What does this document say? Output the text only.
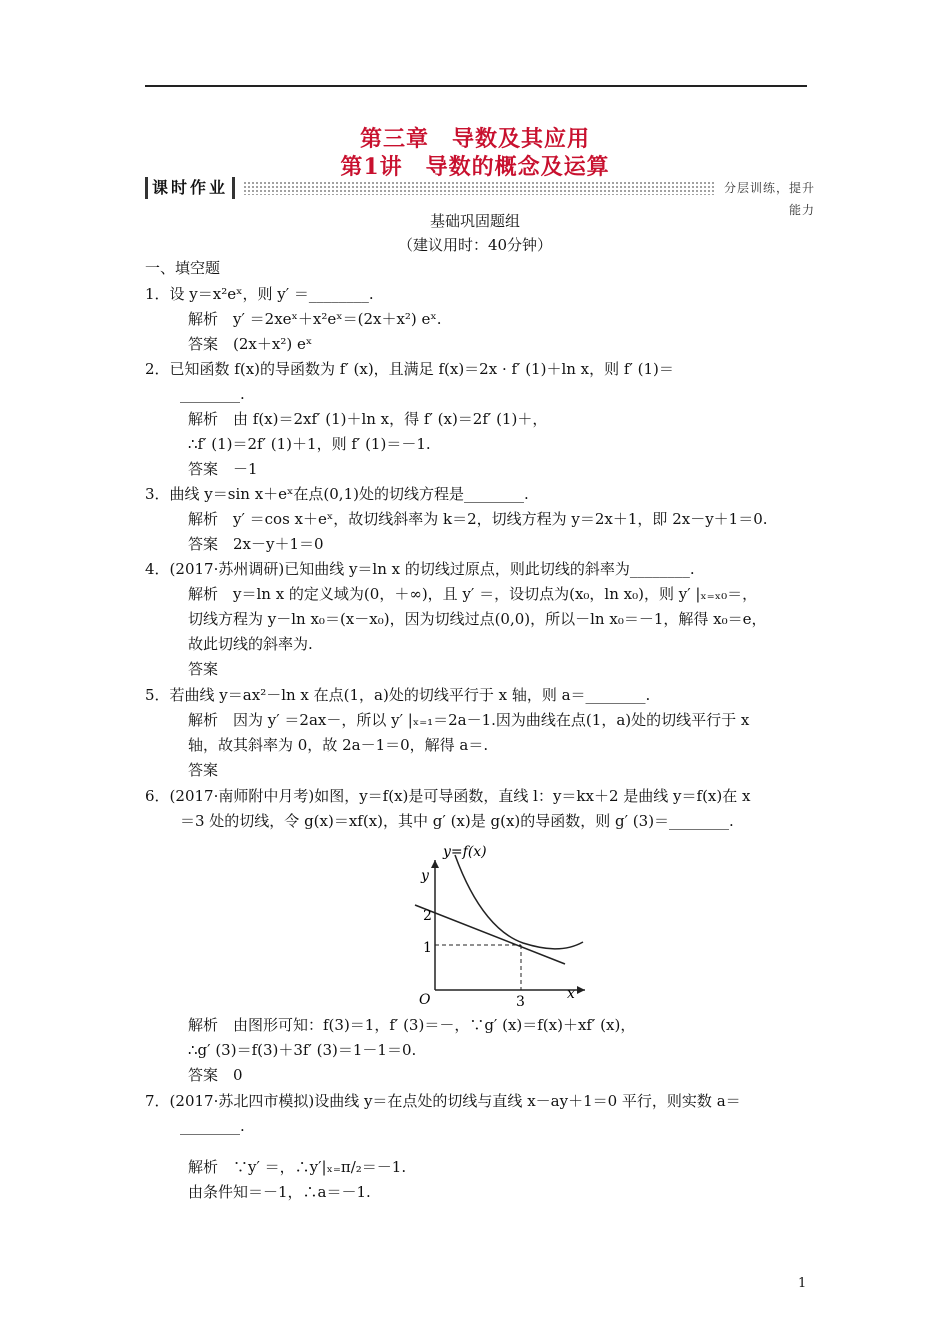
第三章　导数及其应用
第1讲　导数的概念及运算
课时作业	分层训练，提升能力
基础巩固题组
（建议用时：40分钟）
一、填空题
1．设 y＝x²eˣ，则 y′ ＝________.
解析　y′ ＝2xeˣ＋x²eˣ＝(2x＋x²) eˣ.
答案　(2x＋x²) eˣ
2．已知函数 f(x)的导函数为 f′ (x)，且满足 f(x)＝2x · f′ (1)＋ln x，则 f′ (1)＝
________.
解析　由 f(x)＝2xf′ (1)＋ln x，得 f′ (x)＝2f′ (1)＋，
∴f′ (1)＝2f′ (1)＋1，则 f′ (1)＝－1.
答案　－1
3．曲线 y＝sin x＋eˣ在点(0,1)处的切线方程是________.
解析　y′ ＝cos x＋eˣ，故切线斜率为 k＝2，切线方程为 y＝2x＋1，即 2x－y＋1＝0.
答案　2x－y＋1＝0
4．(2017·苏州调研)已知曲线 y＝ln x 的切线过原点，则此切线的斜率为________.
解析　y＝ln x 的定义域为(0，＋∞)，且 y′ ＝，设切点为(x₀，ln x₀)，则 y′ |ₓ₌ₓ₀＝，
切线方程为 y－ln x₀＝(x－x₀)，因为切线过点(0,0)，所以－ln x₀＝－1，解得 x₀＝e，
故此切线的斜率为.
答案
5．若曲线 y＝ax²－ln x 在点(1，a)处的切线平行于 x 轴，则 a＝________.
解析　因为 y′ ＝2ax－，所以 y′ |ₓ₌₁＝2a－1.因为曲线在点(1，a)处的切线平行于 x
轴，故其斜率为 0，故 2a－1＝0，解得 a＝.
答案
6．(2017·南师附中月考)如图，y＝f(x)是可导函数，直线 l：y＝kx＋2 是曲线 y＝f(x)在 x
＝3 处的切线，令 g(x)＝xf(x)，其中 g′ (x)是 g(x)的导函数，则 g′ (3)＝________.
y=f(x)
y
x
O
2
1
3
解析　由图形可知：f(3)＝1，f′ (3)＝－，∵g′ (x)＝f(x)＋xf′ (x)，
∴g′ (3)＝f(3)＋3f′ (3)＝1－1＝0.
答案　0
7．(2017·苏北四市模拟)设曲线 y＝在点处的切线与直线 x－ay＋1＝0 平行，则实数 a＝
________.
解析　∵y′ ＝，∴y′|ₓ₌π/₂＝－1.
由条件知＝－1，∴a＝－1.
1
